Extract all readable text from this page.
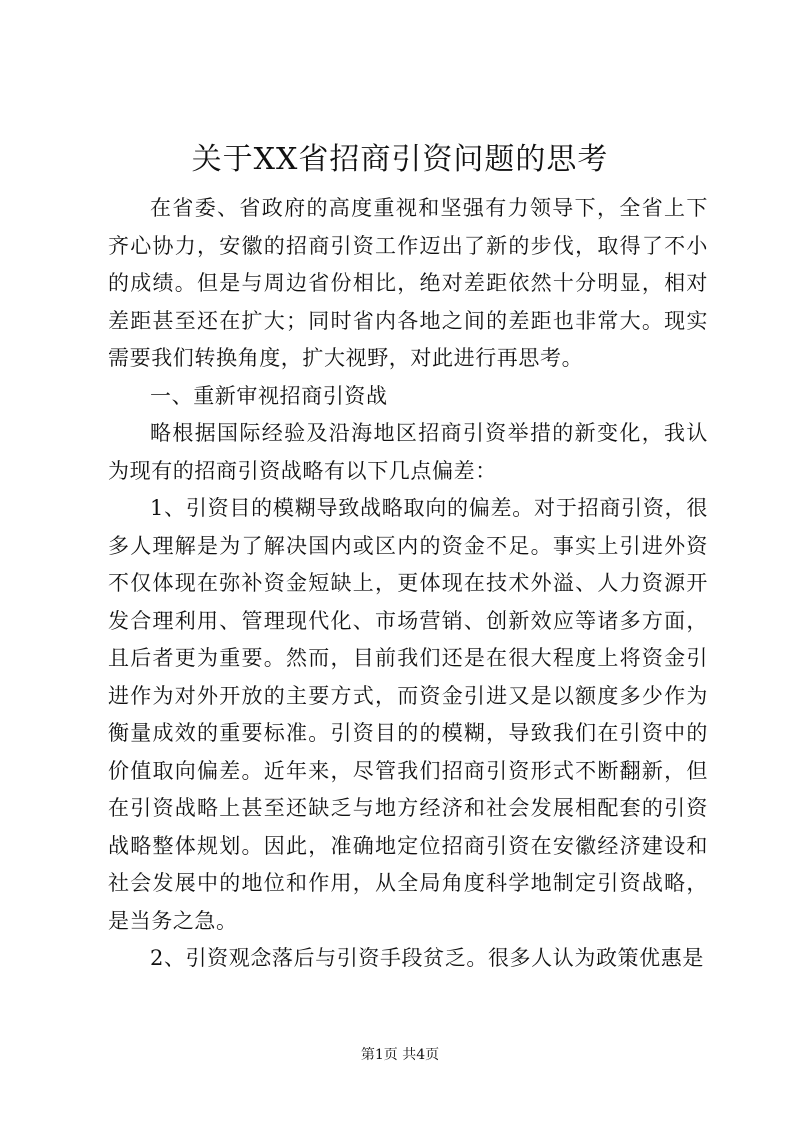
关于XX省招商引资问题的思考

在省委、省政府的高度重视和坚强有力领导下，全省上下齐心协力，安徽的招商引资工作迈出了新的步伐，取得了不小的成绩。但是与周边省份相比，绝对差距依然十分明显，相对差距甚至还在扩大；同时省内各地之间的差距也非常大。现实需要我们转换角度，扩大视野，对此进行再思考。

一、重新审视招商引资战

略根据国际经验及沿海地区招商引资举措的新变化，我认为现有的招商引资战略有以下几点偏差：

1、引资目的模糊导致战略取向的偏差。对于招商引资，很多人理解是为了解决国内或区内的资金不足。事实上引进外资不仅体现在弥补资金短缺上，更体现在技术外溢、人力资源开发合理利用、管理现代化、市场营销、创新效应等诸多方面，且后者更为重要。然而，目前我们还是在很大程度上将资金引进作为对外开放的主要方式，而资金引进又是以额度多少作为衡量成效的重要标准。引资目的的模糊，导致我们在引资中的价值取向偏差。近年来，尽管我们招商引资形式不断翻新，但在引资战略上甚至还缺乏与地方经济和社会发展相配套的引资战略整体规划。因此，准确地定位招商引资在安徽经济建设和社会发展中的地位和作用，从全局角度科学地制定引资战略，是当务之急。

2、引资观念落后与引资手段贫乏。很多人认为政策优惠是

第1页 共4页
